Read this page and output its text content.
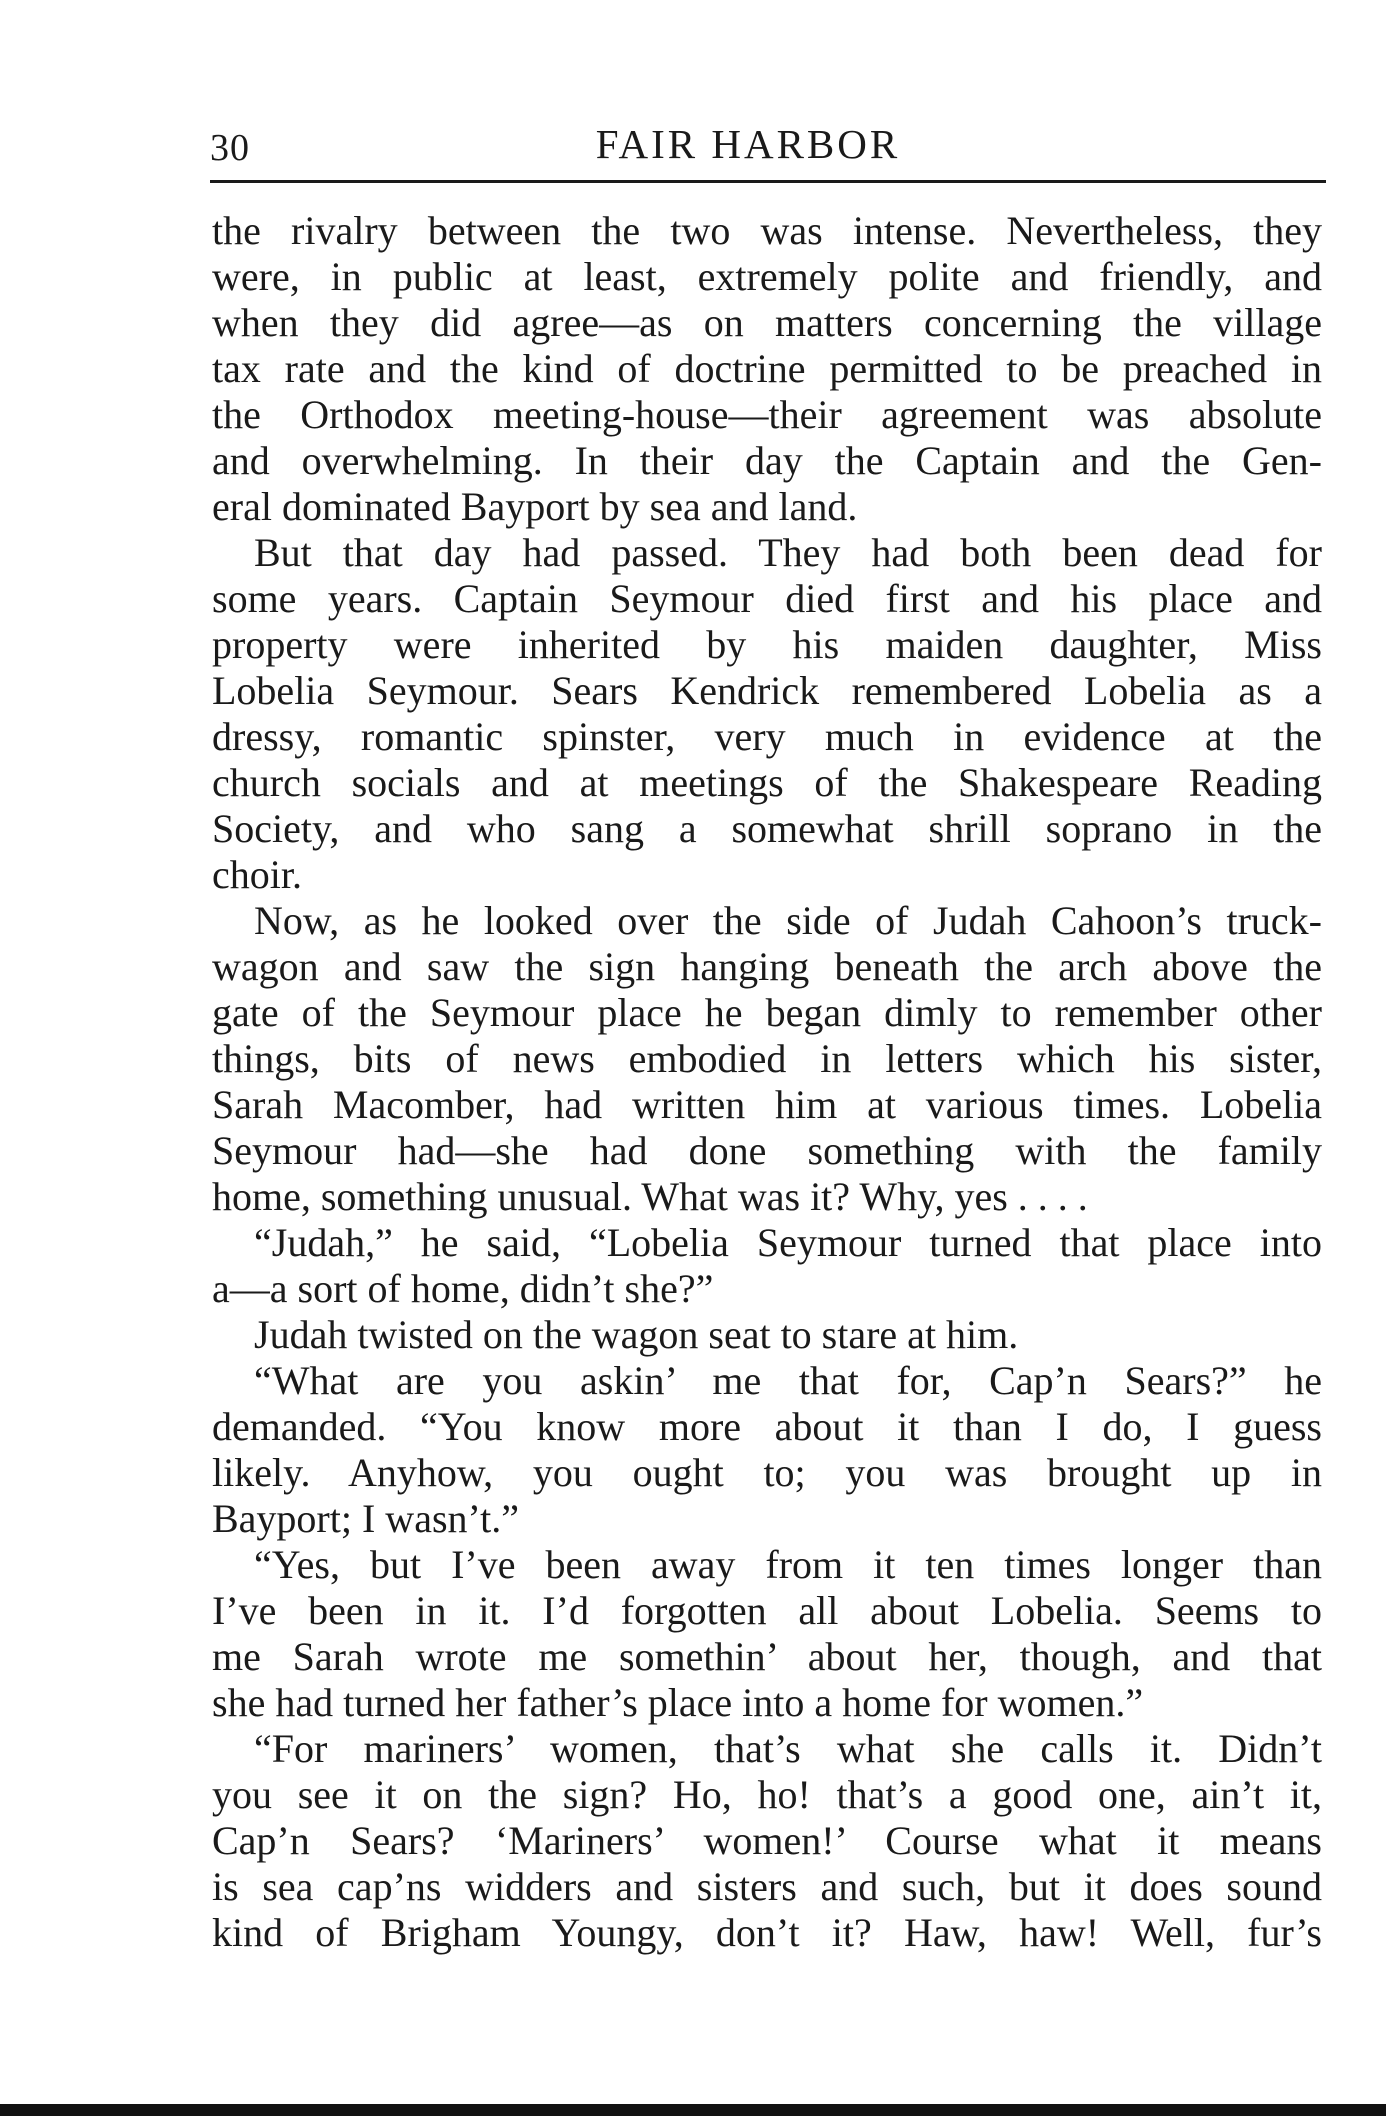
30	FAIR HARBOR
the rivalry between the two was intense. Nevertheless, they
were, in public at least, extremely polite and friendly, and
when they did agree—as on matters concerning the village
tax rate and the kind of doctrine permitted to be preached in
the Orthodox meeting-house—their agreement was absolute
and overwhelming. In their day the Captain and the Gen-
eral dominated Bayport by sea and land.
But that day had passed. They had both been dead for
some years. Captain Seymour died first and his place and
property were inherited by his maiden daughter, Miss
Lobelia Seymour. Sears Kendrick remembered Lobelia as a
dressy, romantic spinster, very much in evidence at the
church socials and at meetings of the Shakespeare Reading
Society, and who sang a somewhat shrill soprano in the
choir.
Now, as he looked over the side of Judah Cahoon’s truck-
wagon and saw the sign hanging beneath the arch above the
gate of the Seymour place he began dimly to remember other
things, bits of news embodied in letters which his sister,
Sarah Macomber, had written him at various times. Lobelia
Seymour had—she had done something with the family
home, something unusual. What was it? Why, yes . . . .
“Judah,” he said, “Lobelia Seymour turned that place into
a—a sort of home, didn’t she?”
Judah twisted on the wagon seat to stare at him.
“What are you askin’ me that for, Cap’n Sears?” he
demanded. “You know more about it than I do, I guess
likely. Anyhow, you ought to; you was brought up in
Bayport; I wasn’t.”
“Yes, but I’ve been away from it ten times longer than
I’ve been in it. I’d forgotten all about Lobelia. Seems to
me Sarah wrote me somethin’ about her, though, and that
she had turned her father’s place into a home for women.”
“For mariners’ women, that’s what she calls it. Didn’t
you see it on the sign? Ho, ho! that’s a good one, ain’t it,
Cap’n Sears? ‘Mariners’ women!’ Course what it means
is sea cap’ns widders and sisters and such, but it does sound
kind of Brigham Youngy, don’t it? Haw, haw! Well, fur’s
